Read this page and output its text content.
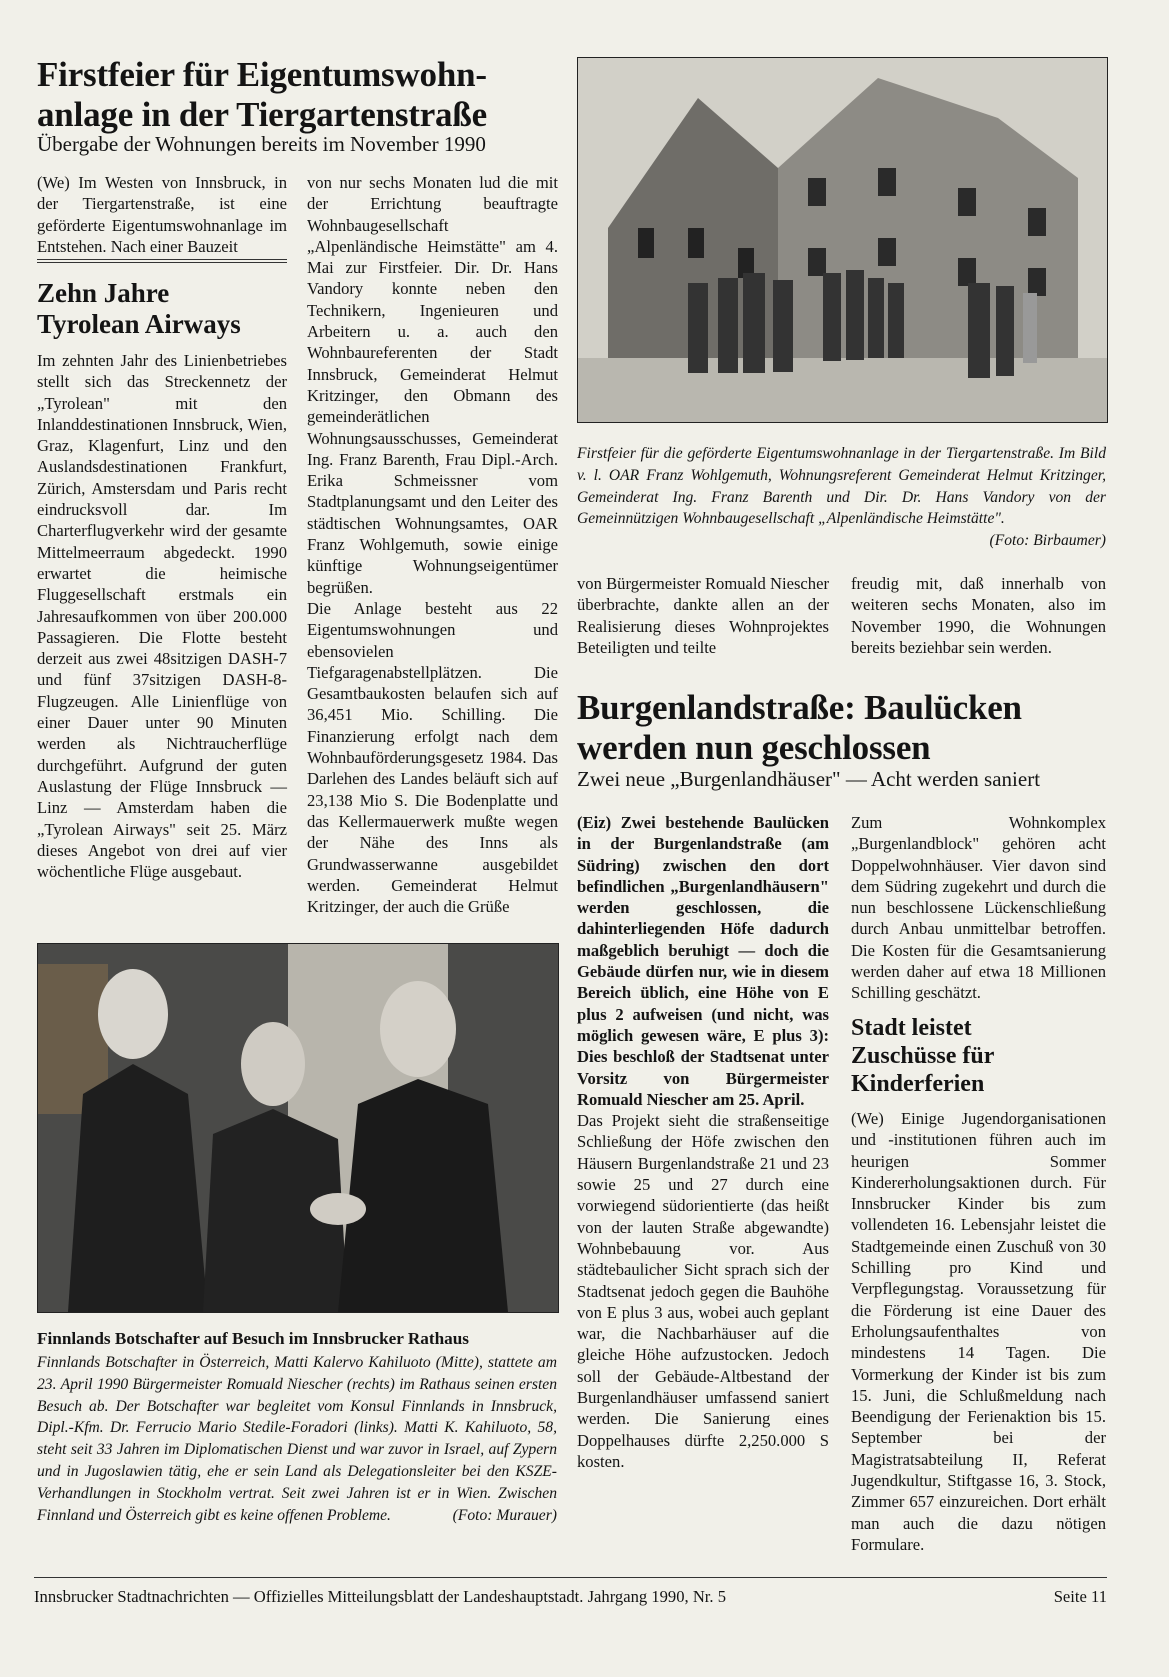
Firstfeier für Eigentumswohn-
anlage in der Tiergartenstraße
Übergabe der Wohnungen bereits im November 1990
(We) Im Westen von Innsbruck, in der Tiergartenstraße, ist eine geförderte Eigentumswohnanlage im Entstehen. Nach einer Bauzeit
Zehn Jahre
Tyrolean Airways
Im zehnten Jahr des Linienbetriebes stellt sich das Streckennetz der „Tyrolean" mit den Inlanddestinationen Innsbruck, Wien, Graz, Klagenfurt, Linz und den Auslandsdestinationen Frankfurt, Zürich, Amstersdam und Paris recht eindrucksvoll dar. Im Charterflugverkehr wird der gesamte Mittelmeerraum abgedeckt. 1990 erwartet die heimische Fluggesellschaft erstmals ein Jahresaufkommen von über 200.000 Passagieren. Die Flotte besteht derzeit aus zwei 48sitzigen DASH-7 und fünf 37sitzigen DASH-8-Flugzeugen. Alle Linienflüge von einer Dauer unter 90 Minuten werden als Nichtraucherflüge durchgeführt. Aufgrund der guten Auslastung der Flüge Innsbruck — Linz — Amsterdam haben die „Tyrolean Airways" seit 25. März dieses Angebot von drei auf vier wöchentliche Flüge ausgebaut.

von nur sechs Monaten lud die mit der Errichtung beauftragte Wohnbaugesellschaft „Alpenländische Heimstätte" am 4. Mai zur Firstfeier. Dir. Dr. Hans Vandory konnte neben den Technikern, Ingenieuren und Arbeitern u. a. auch den Wohnbaureferenten der Stadt Innsbruck, Gemeinderat Helmut Kritzinger, den Obmann des gemeinderätlichen Wohnungsausschusses, Gemeinderat Ing. Franz Barenth, Frau Dipl.-Arch. Erika Schmeissner vom Stadtplanungsamt und den Leiter des städtischen Wohnungsamtes, OAR Franz Wohlgemuth, sowie einige künftige Wohnungseigentümer begrüßen.

Die Anlage besteht aus 22 Eigentumswohnungen und ebensovielen Tiefgaragenabstellplätzen. Die Gesamtbaukosten belaufen sich auf 36,451 Mio. Schilling. Die Finanzierung erfolgt nach dem Wohnbauförderungsgesetz 1984. Das Darlehen des Landes beläuft sich auf 23,138 Mio S. Die Bodenplatte und das Kellermauerwerk mußte wegen der Nähe des Inns als Grundwasserwanne ausgebildet werden. Gemeinderat Helmut Kritzinger, der auch die Grüße

Firstfeier für die geförderte Eigentumswohnanlage in der Tiergartenstraße. Im Bild v. l. OAR Franz Wohlgemuth, Wohnungsreferent Gemeinderat Helmut Kritzinger, Gemeinderat Ing. Franz Barenth und Dir. Dr. Hans Vandory von der Gemeinnützigen Wohnbaugesellschaft „Alpenländische Heimstätte".
(Foto: Birbaumer)
von Bürgermeister Romuald Niescher überbrachte, dankte allen an der Realisierung dieses Wohnprojektes Beteiligten und teilte
freudig mit, daß innerhalb von weiteren sechs Monaten, also im November 1990, die Wohnungen bereits beziehbar sein werden.
Burgenlandstraße: Baulücken
werden nun geschlossen
Zwei neue „Burgenlandhäuser" — Acht werden saniert

(Eiz) Zwei bestehende Baulücken in der Burgenlandstraße (am Südring) zwischen den dort befindlichen „Burgenlandhäusern" werden geschlossen, die dahinterliegenden Höfe dadurch maßgeblich beruhigt — doch die Gebäude dürfen nur, wie in diesem Bereich üblich, eine Höhe von E plus 2 aufweisen (und nicht, was möglich gewesen wäre, E plus 3): Dies beschloß der Stadtsenat unter Vorsitz von Bürgermeister Romuald Niescher am 25. April.

Das Projekt sieht die straßenseitige Schließung der Höfe zwischen den Häusern Burgenlandstraße 21 und 23 sowie 25 und 27 durch eine vorwiegend südorientierte (das heißt von der lauten Straße abgewandte) Wohnbebauung vor. Aus städtebaulicher Sicht sprach sich der Stadtsenat jedoch gegen die Bauhöhe von E plus 3 aus, wobei auch geplant war, die Nachbarhäuser auf die gleiche Höhe aufzustocken. Jedoch soll der Gebäude-Altbestand der Burgenlandhäuser umfassend saniert werden. Die Sanierung eines Doppelhauses dürfte 2,250.000 S kosten.

Zum Wohnkomplex „Burgenlandblock" gehören acht Doppelwohnhäuser. Vier davon sind dem Südring zugekehrt und durch die nun beschlossene Lückenschließung durch Anbau unmittelbar betroffen. Die Kosten für die Gesamtsanierung werden daher auf etwa 18 Millionen Schilling geschätzt.
Stadt leistet
Zuschüsse für
Kinderferien
(We) Einige Jugendorganisationen und -institutionen führen auch im heurigen Sommer Kindererholungsaktionen durch. Für Innsbrucker Kinder bis zum vollendeten 16. Lebensjahr leistet die Stadtgemeinde einen Zuschuß von 30 Schilling pro Kind und Verpflegungstag. Voraussetzung für die Förderung ist eine Dauer des Erholungsaufenthaltes von mindestens 14 Tagen. Die Vormerkung der Kinder ist bis zum 15. Juni, die Schlußmeldung nach Beendigung der Ferienaktion bis 15. September bei der Magistratsabteilung II, Referat Jugendkultur, Stiftgasse 16, 3. Stock, Zimmer 657 einzureichen. Dort erhält man auch die dazu nötigen Formulare.
Finnlands Botschafter auf Besuch im Innsbrucker Rathaus
Finnlands Botschafter in Österreich, Matti Kalervo Kahiluoto (Mitte), stattete am 23. April 1990 Bürgermeister Romuald Niescher (rechts) im Rathaus seinen ersten Besuch ab. Der Botschafter war begleitet vom Konsul Finnlands in Innsbruck, Dipl.-Kfm. Dr. Ferrucio Mario Stedile-Foradori (links). Matti K. Kahiluoto, 58, steht seit 33 Jahren im Diplomatischen Dienst und war zuvor in Israel, auf Zypern und in Jugoslawien tätig, ehe er sein Land als Delegationsleiter bei den KSZE-Verhandlungen in Stockholm vertrat. Seit zwei Jahren ist er in Wien. Zwischen Finnland und Österreich gibt es keine offenen Probleme.	(Foto: Murauer)
Innsbrucker Stadtnachrichten — Offizielles Mitteilungsblatt der Landeshauptstadt. Jahrgang 1990, Nr. 5	Seite 11
